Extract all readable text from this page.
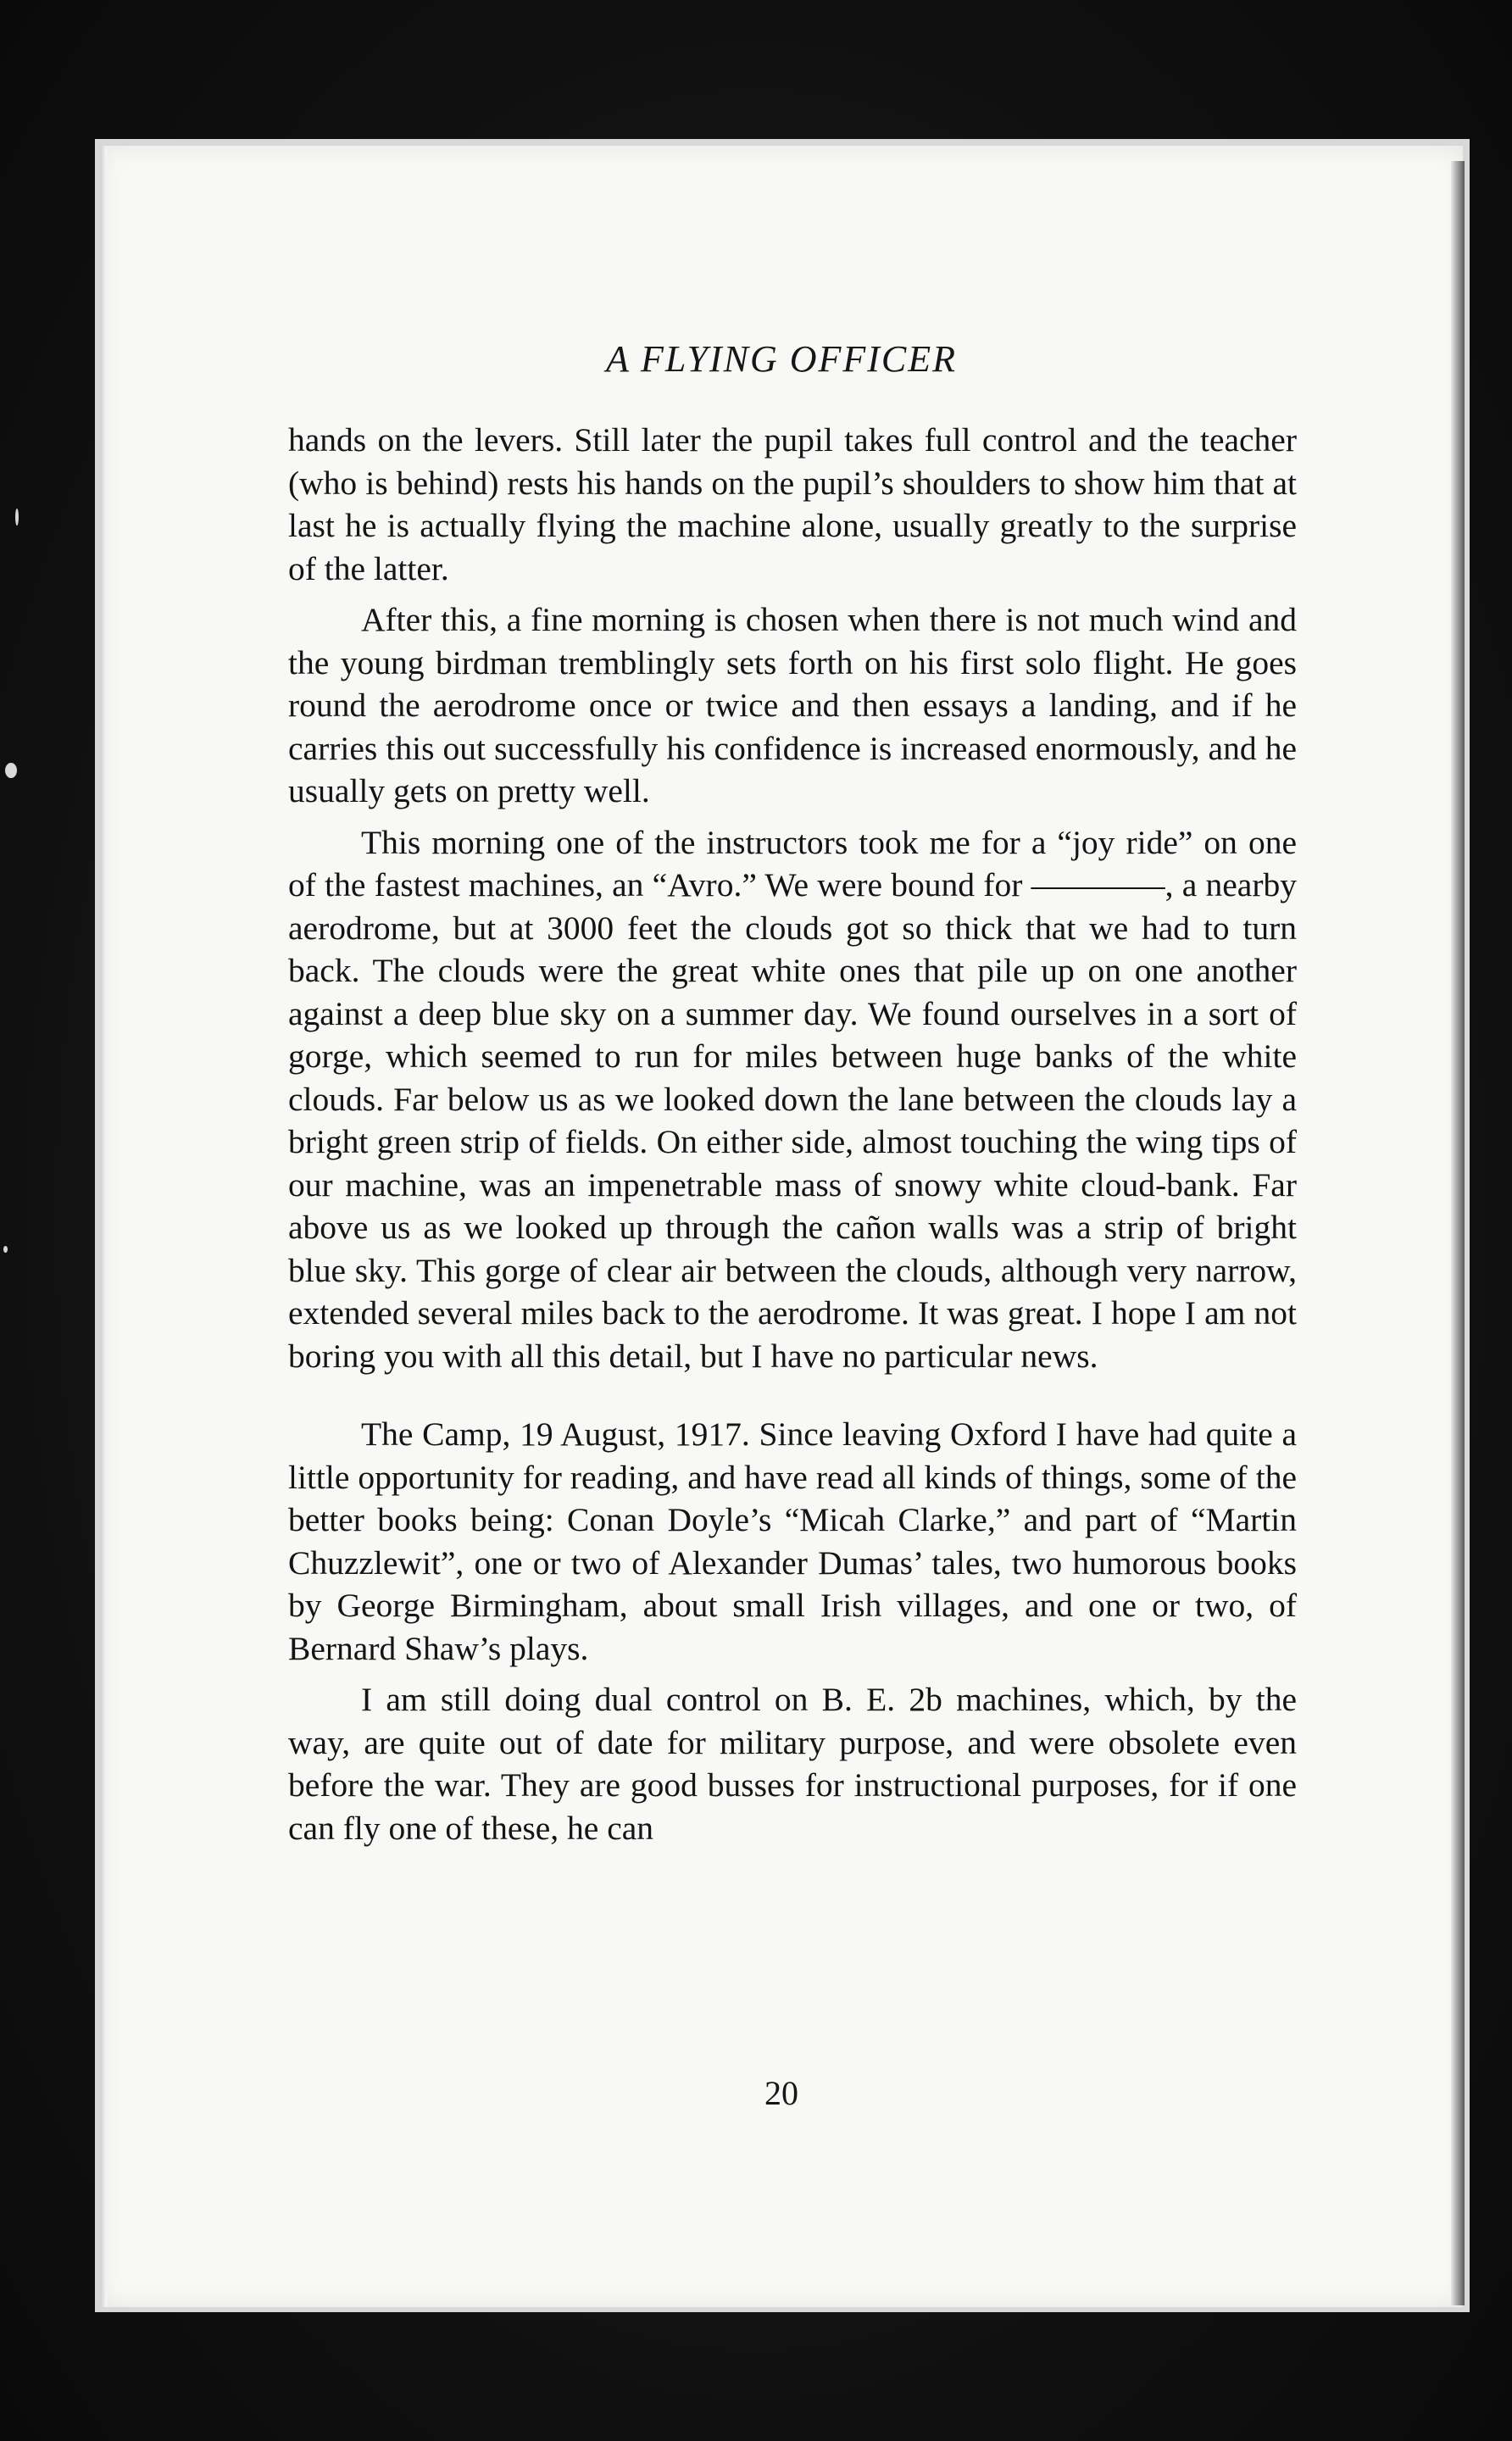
A FLYING OFFICER

hands on the levers. Still later the pupil takes full control and the teacher (who is behind) rests his hands on the pupil’s shoulders to show him that at last he is actually flying the machine alone, usually greatly to the surprise of the latter.

After this, a fine morning is chosen when there is not much wind and the young birdman tremblingly sets forth on his first solo flight. He goes round the aerodrome once or twice and then essays a landing, and if he carries this out successfully his confidence is increased enormously, and he usually gets on pretty well.

This morning one of the instructors took me for a “joy ride” on one of the fastest machines, an “Avro.” We were bound for ————, a nearby aerodrome, but at 3000 feet the clouds got so thick that we had to turn back. The clouds were the great white ones that pile up on one another against a deep blue sky on a summer day. We found ourselves in a sort of gorge, which seemed to run for miles between huge banks of the white clouds. Far below us as we looked down the lane between the clouds lay a bright green strip of fields. On either side, almost touching the wing tips of our machine, was an impenetrable mass of snowy white cloud-bank. Far above us as we looked up through the cañon walls was a strip of bright blue sky. This gorge of clear air between the clouds, although very narrow, extended several miles back to the aerodrome. It was great. I hope I am not boring you with all this detail, but I have no particular news.

The Camp, 19 August, 1917. Since leaving Oxford I have had quite a little opportunity for reading, and have read all kinds of things, some of the better books being: Conan Doyle’s “Micah Clarke,” and part of “Martin Chuzzlewit”, one or two of Alexander Dumas’ tales, two humorous books by George Birmingham, about small Irish villages, and one or two, of Bernard Shaw’s plays.

I am still doing dual control on B. E. 2b machines, which, by the way, are quite out of date for military purpose, and were obsolete even before the war. They are good busses for instructional purposes, for if one can fly one of these, he can

20
